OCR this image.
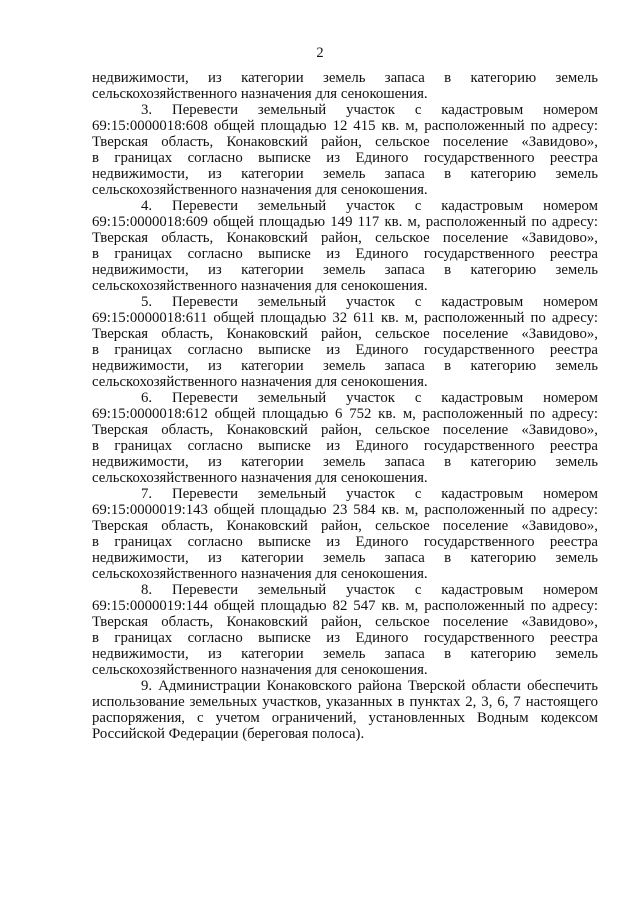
2
недвижимости, из категории земель запаса в категорию земель
сельскохозяйственного назначения для сенокошения.
3. Перевести земельный участок с кадастровым номером
69:15:0000018:608 общей площадью 12 415 кв. м, расположенный по адресу:
Тверская область, Конаковский район, сельское поселение «Завидово»,
в границах согласно выписке из Единого государственного реестра
недвижимости, из категории земель запаса в категорию земель
сельскохозяйственного назначения для сенокошения.
4. Перевести земельный участок с кадастровым номером
69:15:0000018:609 общей площадью 149 117 кв. м, расположенный по адресу:
Тверская область, Конаковский район, сельское поселение «Завидово»,
в границах согласно выписке из Единого государственного реестра
недвижимости, из категории земель запаса в категорию земель
сельскохозяйственного назначения для сенокошения.
5. Перевести земельный участок с кадастровым номером
69:15:0000018:611 общей площадью 32 611 кв. м, расположенный по адресу:
Тверская область, Конаковский район, сельское поселение «Завидово»,
в границах согласно выписке из Единого государственного реестра
недвижимости, из категории земель запаса в категорию земель
сельскохозяйственного назначения для сенокошения.
6. Перевести земельный участок с кадастровым номером
69:15:0000018:612 общей площадью 6 752 кв. м, расположенный по адресу:
Тверская область, Конаковский район, сельское поселение «Завидово»,
в границах согласно выписке из Единого государственного реестра
недвижимости, из категории земель запаса в категорию земель
сельскохозяйственного назначения для сенокошения.
7. Перевести земельный участок с кадастровым номером
69:15:0000019:143 общей площадью 23 584 кв. м, расположенный по адресу:
Тверская область, Конаковский район, сельское поселение «Завидово»,
в границах согласно выписке из Единого государственного реестра
недвижимости, из категории земель запаса в категорию земель
сельскохозяйственного назначения для сенокошения.
8. Перевести земельный участок с кадастровым номером
69:15:0000019:144 общей площадью 82 547 кв. м, расположенный по адресу:
Тверская область, Конаковский район, сельское поселение «Завидово»,
в границах согласно выписке из Единого государственного реестра
недвижимости, из категории земель запаса в категорию земель
сельскохозяйственного назначения для сенокошения.
9. Администрации Конаковского района Тверской области обеспечить
использование земельных участков, указанных в пунктах 2, 3, 6, 7 настоящего
распоряжения, с учетом ограничений, установленных Водным кодексом
Российской Федерации (береговая полоса).
